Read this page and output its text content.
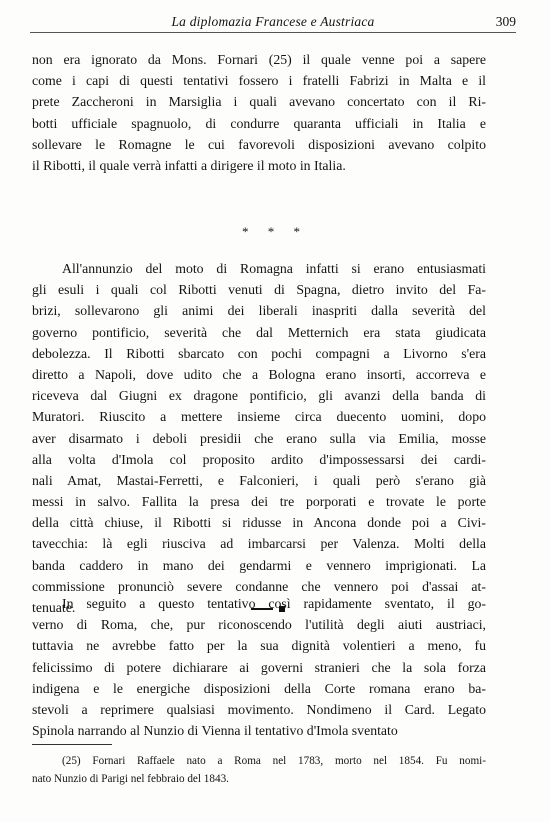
La diplomazia Francese e Austriaca	309
non era ignorato da Mons. Fornari (25) il quale venne poi a sapere
come i capi di questi tentativi fossero i fratelli Fabrizi in Malta e il
prete Zaccheroni in Marsiglia i quali avevano concertato con il Ri-
botti ufficiale spagnuolo, di condurre quaranta ufficiali in Italia e
sollevare le Romagne le cui favorevoli disposizioni avevano colpito
il Ribotti, il quale verrà infatti a dirigere il moto in Italia.
* * *
All'annunzio del moto di Romagna infatti si erano entusiasmati
gli esuli i quali col Ribotti venuti di Spagna, dietro invito del Fa-
brizi, sollevarono gli animi dei liberali inaspriti dalla severità del
governo pontificio, severità che dal Metternich era stata giudicata
debolezza. Il Ribotti sbarcato con pochi compagni a Livorno s'era
diretto a Napoli, dove udito che a Bologna erano insorti, accorreva e
riceveva dal Giugni ex dragone pontificio, gli avanzi della banda di
Muratori. Riuscito a mettere insieme circa duecento uomini, dopo
aver disarmato i deboli presidii che erano sulla via Emilia, mosse
alla volta d'Imola col proposito ardito d'impossessarsi dei cardi-
nali Amat, Mastai-Ferretti, e Falconieri, i quali però s'erano già
messi in salvo. Fallita la presa dei tre porporati e trovate le porte
della città chiuse, il Ribotti si ridusse in Ancona donde poi a Civi-
tavecchia: là egli riusciva ad imbarcarsi per Valenza. Molti della
banda caddero in mano dei gendarmi e vennero imprigionati. La
commissione pronunciò severe condanne che vennero poi d'assai at-
tenuate.
In seguito a questo tentativo così rapidamente sventato, il go-
verno di Roma, che, pur riconoscendo l'utilità degli aiuti austriaci,
tuttavia ne avrebbe fatto per la sua dignità volentieri a meno, fu
felicissimo di potere dichiarare ai governi stranieri che la sola forza
indigena e le energiche disposizioni della Corte romana erano ba-
stevoli a reprimere qualsiasi movimento. Nondimeno il Card. Legato
Spinola narrando al Nunzio di Vienna il tentativo d'Imola sventato
(25) Fornari Raffaele nato a Roma nel 1783, morto nel 1854. Fu nomi-
nato Nunzio di Parigi nel febbraio del 1843.
